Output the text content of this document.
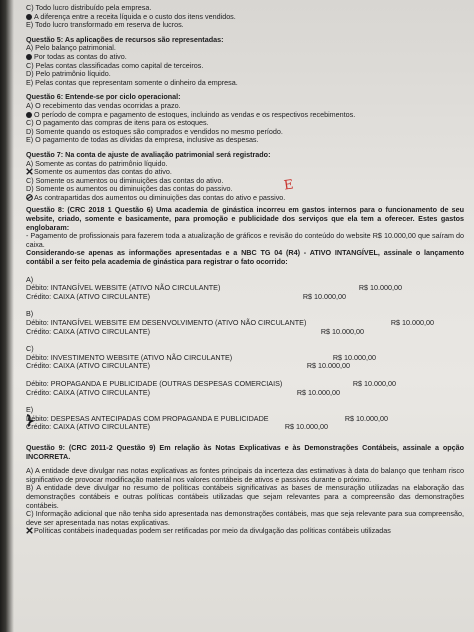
C) Todo lucro distribuído pela empresa.
A diferença entre a receita líquida e o custo dos itens vendidos.
E) Todo lucro transformado em reserva de lucros.
Questão 5: As aplicações de recursos são representadas:
A) Pelo balanço patrimonial.
Por todas as contas do ativo.
C) Pelas contas classificadas como capital de terceiros.
D) Pelo patrimônio líquido.
E) Pelas contas que representam somente o dinheiro da empresa.
Questão 6: Entende-se por ciclo operacional:
A) O recebimento das vendas ocorridas a prazo.
O período de compra e pagamento de estoques, incluindo as vendas e os respectivos recebimentos.
C) O pagamento das compras de itens para os estoques.
D) Somente quando os estoques são comprados e vendidos no mesmo período.
E) O pagamento de todas as dívidas da empresa, inclusive as despesas.
Questão 7: Na conta de ajuste de avaliação patrimonial será registrado:
A) Somente as contas do patrimônio líquido.
Somente os aumentos das contas do ativo.
C) Somente os aumentos ou diminuições das contas do ativo.
D) Somente os aumentos ou diminuições das contas do passivo.
As contrapartidas dos aumentos ou diminuições das contas do ativo e passivo.
Questão 8: (CRC 2018 1 Questão 6) Uma academia de ginástica incorreu em gastos internos para o funcionamento de seu website, criado, somente e basicamente, para promoção e publicidade dos serviços que ela tem a oferecer. Estes gastos englobaram:
- Pagamento de profissionais para fazerem toda a atualização de gráficos e revisão do conteúdo do website R$ 10.000,00 que saíram do caixa.
Considerando-se apenas as informações apresentadas e a NBC TG 04 (R4) - ATIVO INTANGÍVEL, assinale o lançamento contábil a ser feito pela academia de ginástica para registrar o fato ocorrido:
A)
Débito: INTANGÍVEL WEBSITE (ATIVO NÃO CIRCULANTE)	R$ 10.000,00
Crédito: CAIXA (ATIVO CIRCULANTE)	R$ 10.000,00
B)
Débito: INTANGÍVEL WEBSITE EM DESENVOLVIMENTO (ATIVO NÃO CIRCULANTE)	R$ 10.000,00
Crédito: CAIXA (ATIVO CIRCULANTE)	R$ 10.000,00
C)
Débito: INVESTIMENTO WEBSITE (ATIVO NÃO CIRCULANTE)	R$ 10.000,00
Crédito: CAIXA (ATIVO CIRCULANTE)	R$ 10.000,00
Débito: PROPAGANDA E PUBLICIDADE (OUTRAS DESPESAS COMERCIAIS)	R$ 10.000,00
Crédito: CAIXA (ATIVO CIRCULANTE)	R$ 10.000,00
E)
Débito: DESPESAS ANTECIPADAS COM PROPAGANDA E PUBLICIDADE	R$ 10.000,00
Crédito: CAIXA (ATIVO CIRCULANTE)	R$ 10.000,00
Questão 9: (CRC 2011-2 Questão 9) Em relação às Notas Explicativas e às Demonstrações Contábeis, assinale a opção INCORRETA.
A) A entidade deve divulgar nas notas explicativas as fontes principais da incerteza das estimativas à data do balanço que tenham risco significativo de provocar modificação material nos valores contábeis de ativos e passivos durante o próximo.
B) A entidade deve divulgar no resumo de políticas contábeis significativas as bases de mensuração utilizadas na elaboração das demonstrações contábeis e outras políticas contábeis utilizadas que sejam relevantes para a compreensão das demonstrações contábeis.
C) Informação adicional que não tenha sido apresentada nas demonstrações contábeis, mas que seja relevante para sua compreensão, deve ser apresentada nas notas explicativas.
Políticas contábeis inadequadas podem ser retificadas por meio da divulgação das políticas contábeis utilizadas
E
